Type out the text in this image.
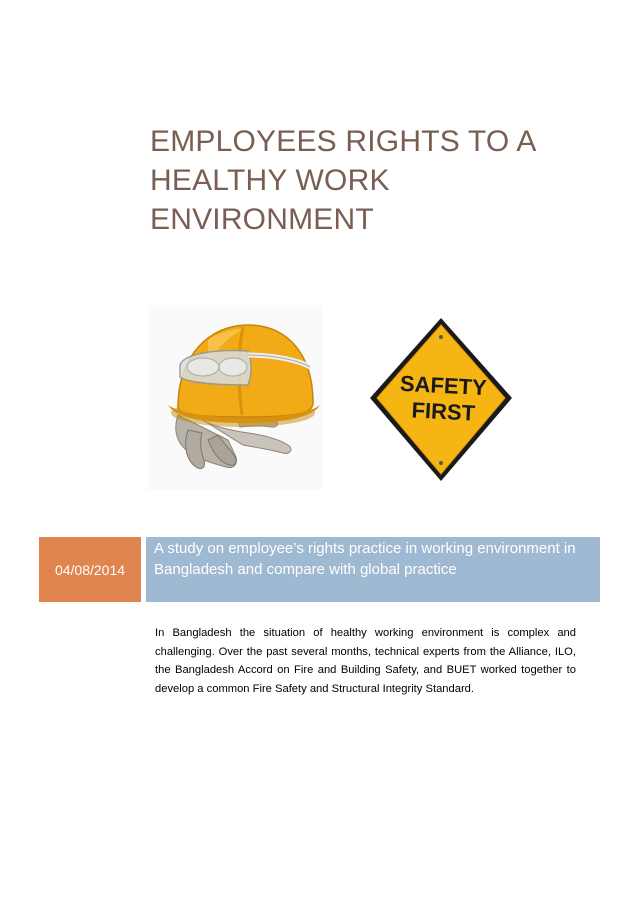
EMPLOYEES RIGHTS TO A
HEALTHY WORK
ENVIRONMENT
SAFETY
FIRST
04/08/2014
A study on employee’s rights practice in working environment in Bangladesh and compare with global practice
In Bangladesh the situation of healthy working environment is complex and challenging. Over the past several months, technical experts from the Alliance, ILO, the Bangladesh Accord on Fire and Building Safety, and BUET worked together to develop a common Fire Safety and Structural Integrity Standard.
